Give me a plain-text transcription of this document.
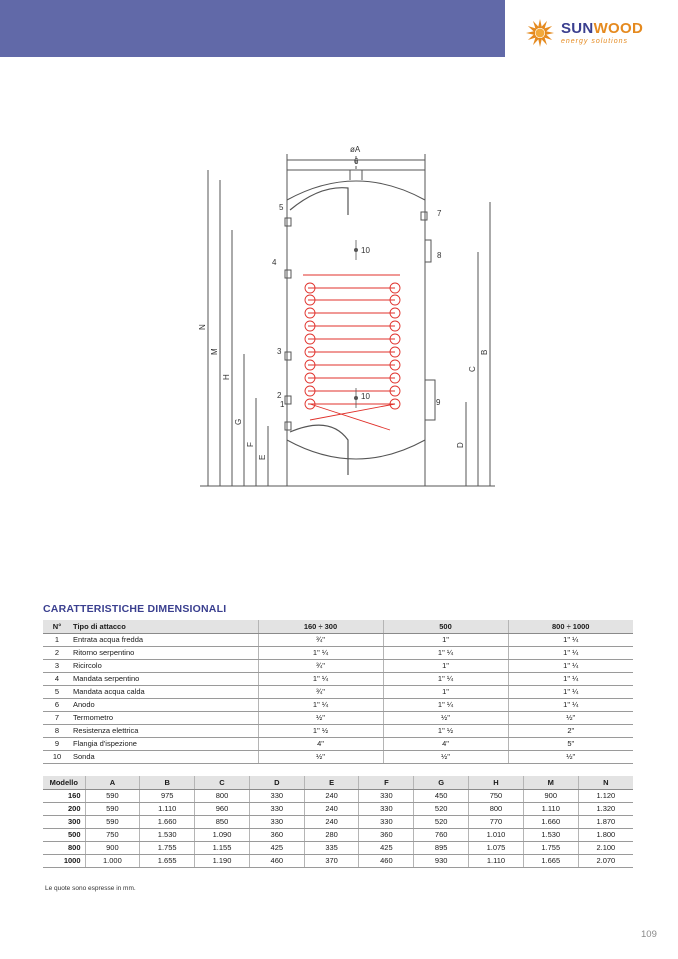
SUNWOOD
energy solutions
øA
1
2
3
4
5
6
7
8
9
10
10
N
M
H
G
F
E
B
C
D
CARATTERISTICHE DIMENSIONALI
N°	Tipo di attacco	160 ÷ 300	500	800 ÷ 1000
1	Entrata acqua fredda	¾"	1"	1" ¼
2	Ritorno serpentino	1" ¼	1" ¼	1" ¼
3	Ricircolo	¾"	1"	1" ¼
4	Mandata serpentino	1" ¼	1" ¼	1" ¼
5	Mandata acqua calda	¾"	1"	1" ¼
6	Anodo	1" ¼	1" ¼	1" ¼
7	Termometro	½"	½"	½"
8	Resistenza elettrica	1" ½	1" ½	2"
9	Flangia d'ispezione	4"	4"	5"
10	Sonda	½"	½"	½"
Modello	A	B	C	D	E	F	G	H	M	N
160	590	975	800	330	240	330	450	750	900	1.120
200	590	1.110	960	330	240	330	520	800	1.110	1.320
300	590	1.660	850	330	240	330	520	770	1.660	1.870
500	750	1.530	1.090	360	280	360	760	1.010	1.530	1.800
800	900	1.755	1.155	425	335	425	895	1.075	1.755	2.100
1000	1.000	1.655	1.190	460	370	460	930	1.110	1.665	2.070
Le quote sono espresse in mm.
109
